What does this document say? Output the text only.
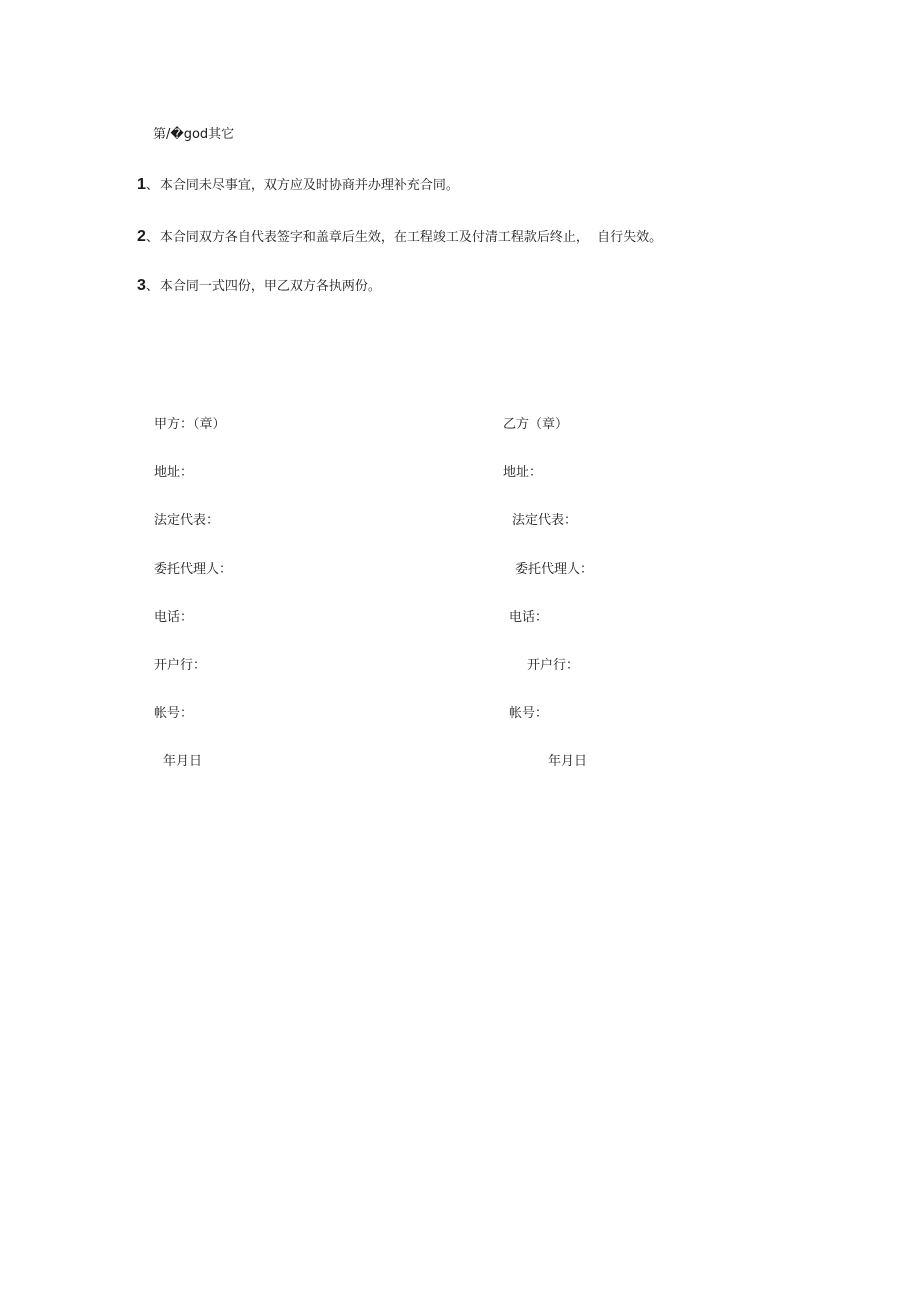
第/�god其它
1、本合同未尽事宜，双方应及时协商并办理补充合同。
2、本合同双方各自代表签字和盖章后生效，在工程竣工及付清工程款后终止，  自行失效。
3、本合同一式四份，甲乙双方各执两份。
甲方：（章）
地址：
法定代表：
委托代理人：
电话：
开户行：
帐号：
年月日
乙方（章）
地址：
法定代表：
委托代理人：
电话：
开户行：
帐号：
年月日
